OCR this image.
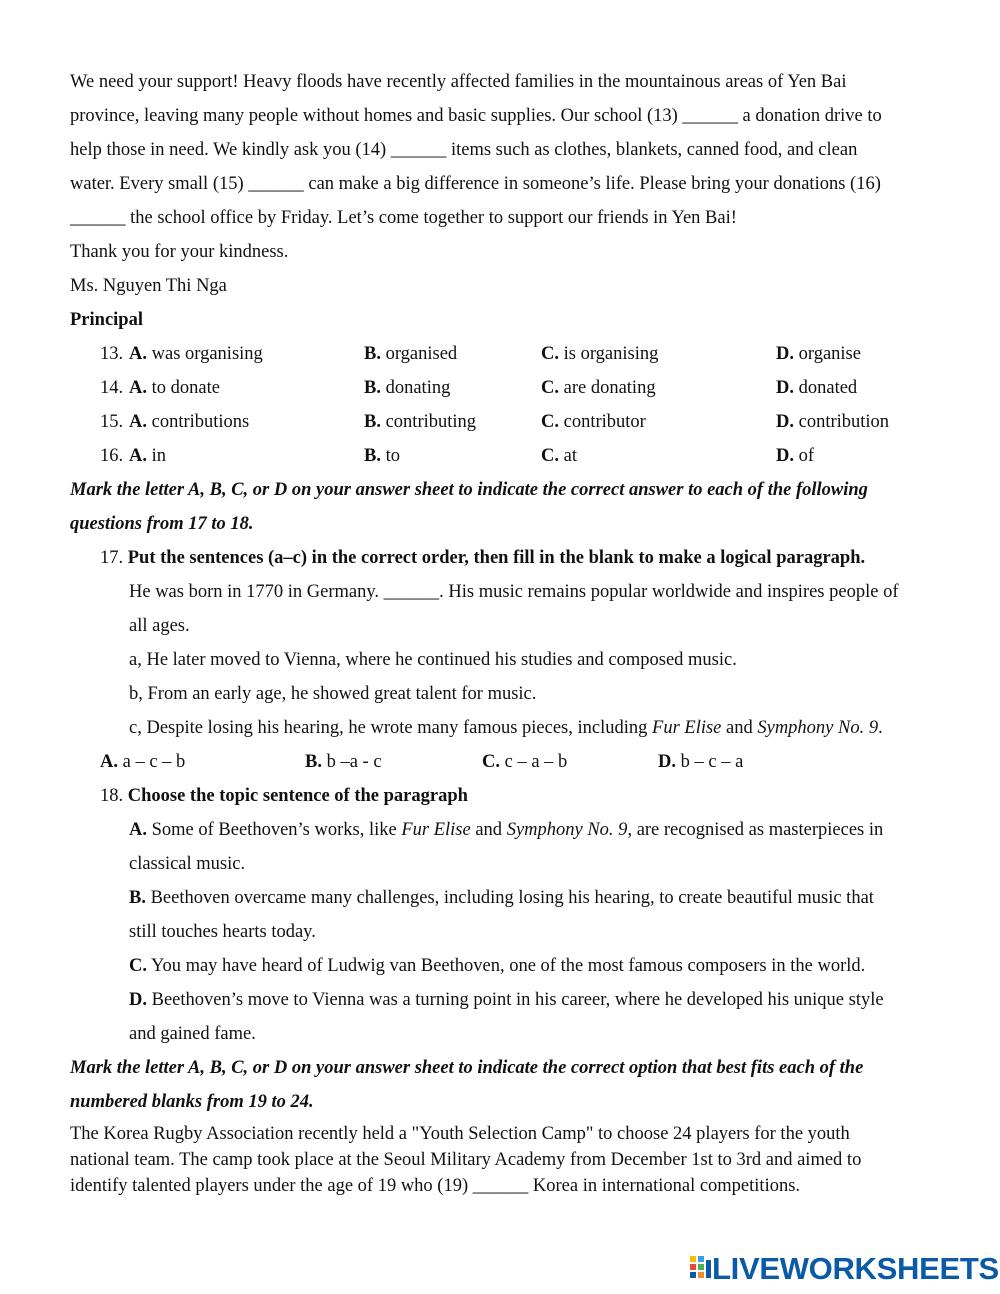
We need your support! Heavy floods have recently affected families in the mountainous areas of Yen Bai
province, leaving many people without homes and basic supplies. Our school (13) ______ a donation drive to
help those in need. We kindly ask you (14) ______ items such as clothes, blankets, canned food, and clean
water. Every small (15) ______ can make a big difference in someone’s life. Please bring your donations (16)
______ the school office by Friday. Let’s come together to support our friends in Yen Bai!
Thank you for your kindness.
Ms. Nguyen Thi Nga
Principal
13. A. was organising	B. organised	C. is organising	D. organise
14. A. to donate	B. donating	C. are donating	D. donated
15. A. contributions	B. contributing	C. contributor	D. contribution
16. A. in	B. to	C. at	D. of
Mark the letter A, B, C, or D on your answer sheet to indicate the correct answer to each of the following
questions from 17 to 18.
17. Put the sentences (a–c) in the correct order, then fill in the blank to make a logical paragraph.
He was born in 1770 in Germany. ______. His music remains popular worldwide and inspires people of
all ages.
a, He later moved to Vienna, where he continued his studies and composed music.
b, From an early age, he showed great talent for music.
c, Despite losing his hearing, he wrote many famous pieces, including Fur Elise and Symphony No. 9.
A. a – c – b	B. b –a - c	C. c – a – b	D. b – c – a
18. Choose the topic sentence of the paragraph
A. Some of Beethoven’s works, like Fur Elise and Symphony No. 9, are recognised as masterpieces in
classical music.
B. Beethoven overcame many challenges, including losing his hearing, to create beautiful music that
still touches hearts today.
C. You may have heard of Ludwig van Beethoven, one of the most famous composers in the world.
D. Beethoven’s move to Vienna was a turning point in his career, where he developed his unique style
and gained fame.
Mark the letter A, B, C, or D on your answer sheet to indicate the correct option that best fits each of the
numbered blanks from 19 to 24.
The Korea Rugby Association recently held a "Youth Selection Camp" to choose 24 players for the youth
national team. The camp took place at the Seoul Military Academy from December 1st to 3rd and aimed to
identify talented players under the age of 19 who (19) ______ Korea in international competitions.
LIVEWORKSHEETS
